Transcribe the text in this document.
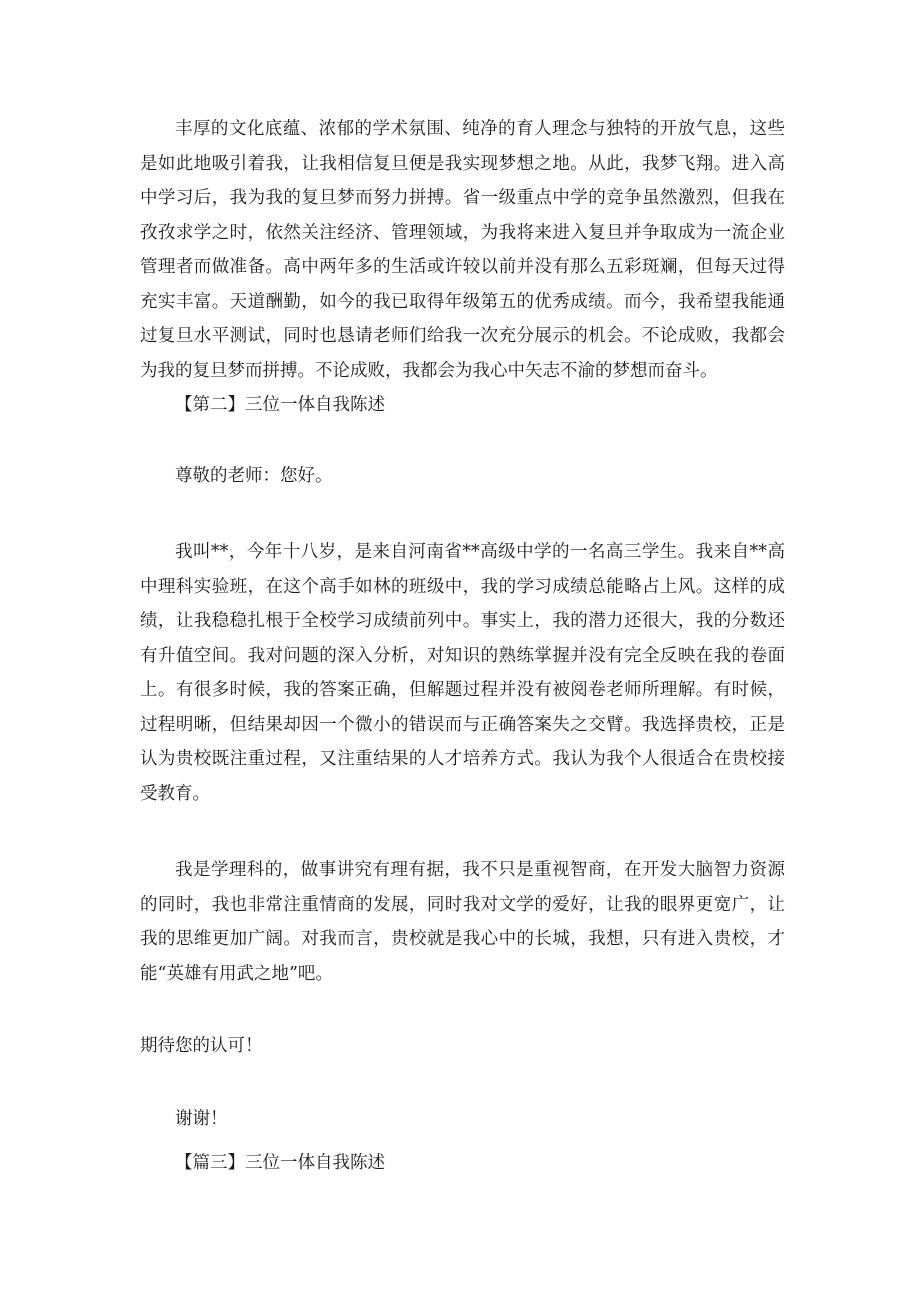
丰厚的文化底蕴、浓郁的学术氛围、纯净的育人理念与独特的开放气息，这些是如此地吸引着我，让我相信复旦便是我实现梦想之地。从此，我梦飞翔。进入高中学习后，我为我的复旦梦而努力拼搏。省一级重点中学的竞争虽然激烈，但我在孜孜求学之时，依然关注经济、管理领域，为我将来进入复旦并争取成为一流企业管理者而做准备。高中两年多的生活或许较以前并没有那么五彩斑斓，但每天过得充实丰富。天道酬勤，如今的我已取得年级第五的优秀成绩。而今，我希望我能通过复旦水平测试，同时也恳请老师们给我一次充分展示的机会。不论成败，我都会为我的复旦梦而拼搏。不论成败，我都会为我心中矢志不渝的梦想而奋斗。

【第二】三位一体自我陈述
尊敬的老师：您好。

我叫**，今年十八岁，是来自河南省**高级中学的一名高三学生。我来自**高中理科实验班，在这个高手如林的班级中，我的学习成绩总能略占上风。这样的成绩，让我稳稳扎根于全校学习成绩前列中。事实上，我的潜力还很大，我的分数还有升值空间。我对问题的深入分析，对知识的熟练掌握并没有完全反映在我的卷面上。有很多时候，我的答案正确，但解题过程并没有被阅卷老师所理解。有时候，过程明晰，但结果却因一个微小的错误而与正确答案失之交臂。我选择贵校，正是认为贵校既注重过程，又注重结果的人才培养方式。我认为我个人很适合在贵校接受教育。

我是学理科的，做事讲究有理有据，我不只是重视智商，在开发大脑智力资源的同时，我也非常注重情商的发展，同时我对文学的爱好，让我的眼界更宽广，让我的思维更加广阔。对我而言，贵校就是我心中的长城，我想，只有进入贵校，才能“英雄有用武之地”吧。

期待您的认可！
谢谢！
【篇三】三位一体自我陈述
